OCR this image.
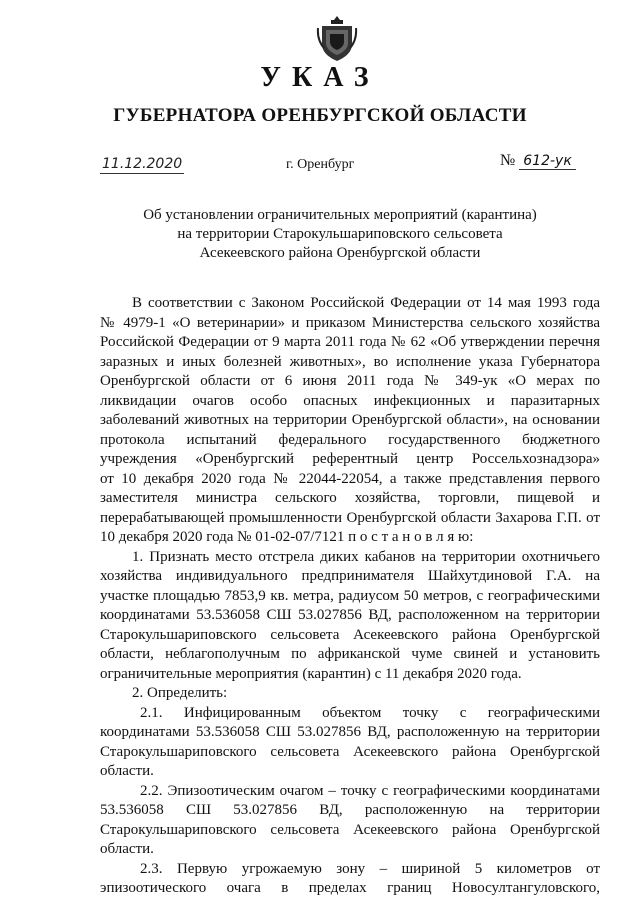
УКАЗ
ГУБЕРНАТОРА ОРЕНБУРГСКОЙ ОБЛАСТИ
11.12.2020	г. Оренбург	№ 612-ук
Об установлении ограничительных мероприятий (карантина)
на территории Старокульшариповского сельсовета
Асекеевского района Оренбургской области
В соответствии с Законом Российской Федерации от 14 мая 1993 года
№ 4979-1 «О ветеринарии» и приказом Министерства сельского хозяйства
Российской Федерации от 9 марта 2011 года № 62 «Об утверждении перечня
заразных и иных болезней животных», во исполнение указа Губернатора
Оренбургской области от 6 июня 2011 года № 349-ук «О мерах по
ликвидации очагов особо опасных инфекционных и паразитарных
заболеваний животных на территории Оренбургской области», на основании
протокола испытаний федерального государственного бюджетного
учреждения «Оренбургский референтный центр Россельхознадзора»
от 10 декабря 2020 года № 22044-22054, а также представления первого
заместителя министра сельского хозяйства, торговли, пищевой и
перерабатывающей промышленности Оренбургской области Захарова Г.П. от
10 декабря 2020 года № 01-02-07/7121 п о с т а н о в л я ю:
1. Признать место отстрела диких кабанов на территории охотничьего
хозяйства индивидуального предпринимателя Шайхутдиновой Г.А. на
участке площадью 7853,9 кв. метра, радиусом 50 метров, с географическими
координатами 53.536058 СШ 53.027856 ВД, расположенном на территории
Старокульшариповского сельсовета Асекеевского района Оренбургской
области, неблагополучным по африканской чуме свиней и установить
ограничительные мероприятия (карантин) с 11 декабря 2020 года.
2. Определить:
2.1. Инфицированным объектом точку с географическими
координатами 53.536058 СШ 53.027856 ВД, расположенную на территории
Старокульшариповского сельсовета Асекеевского района Оренбургской
области.
2.2. Эпизоотическим очагом – точку с географическими координатами
53.536058 СШ 53.027856 ВД, расположенную на территории
Старокульшариповского сельсовета Асекеевского района Оренбургской
области.
2.3. Первую угрожаемую зону – шириной 5 километров от
эпизоотического очага в пределах границ Новосултангуловского,
